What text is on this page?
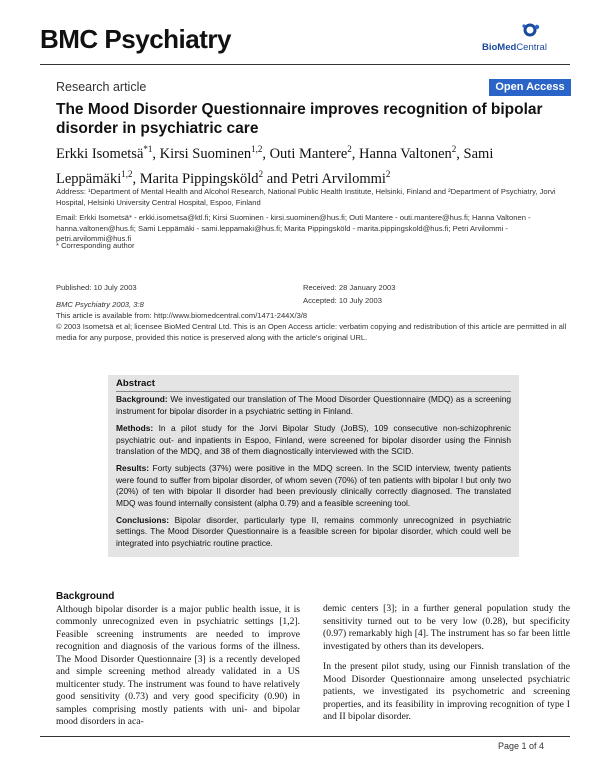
BMC Psychiatry	BioMedCentral
Research article	Open Access
The Mood Disorder Questionnaire improves recognition of bipolar disorder in psychiatric care
Erkki Isometsä$^{*1}$, Kirsi Suominen$^{1,2}$, Outi Mantere$^2$, Hanna Valtonen$^2$, Sami Leppämäki$^{1,2}$, Marita Pippingsköld$^2$ and Petri Arvilommi$^2$
Address: ¹Department of Mental Health and Alcohol Research, National Public Health Institute, Helsinki, Finland and ²Department of Psychiatry, Jorvi Hospital, Helsinki University Central Hospital, Espoo, Finland
Email: Erkki Isometsä* - erkki.isometsa@ktl.fi; Kirsi Suominen - kirsi.suominen@hus.fi; Outi Mantere - outi.mantere@hus.fi; Hanna Valtonen - hanna.valtonen@hus.fi; Sami Leppämäki - sami.leppamaki@hus.fi; Marita Pippingsköld - marita.pippingskold@hus.fi; Petri Arvilommi - petri.arvilommi@hus.fi
* Corresponding author
Published: 10 July 2003
BMC Psychiatry 2003, 3:8
Received: 28 January 2003
Accepted: 10 July 2003
This article is available from: http://www.biomedcentral.com/1471-244X/3/8
© 2003 Isometsä et al; licensee BioMed Central Ltd. This is an Open Access article: verbatim copying and redistribution of this article are permitted in all media for any purpose, provided this notice is preserved along with the article's original URL.
Abstract

Background: We investigated our translation of The Mood Disorder Questionnaire (MDQ) as a screening instrument for bipolar disorder in a psychiatric setting in Finland.

Methods: In a pilot study for the Jorvi Bipolar Study (JoBS), 109 consecutive non-schizophrenic psychiatric out- and inpatients in Espoo, Finland, were screened for bipolar disorder using the Finnish translation of the MDQ, and 38 of them diagnostically interviewed with the SCID.

Results: Forty subjects (37%) were positive in the MDQ screen. In the SCID interview, twenty patients were found to suffer from bipolar disorder, of whom seven (70%) of ten patients with bipolar I but only two (20%) of ten with bipolar II disorder had been previously clinically correctly diagnosed. The translated MDQ was found internally consistent (alpha 0.79) and a feasible screening tool.

Conclusions: Bipolar disorder, particularly type II, remains commonly unrecognized in psychiatric settings. The Mood Disorder Questionnaire is a feasible screen for bipolar disorder, which could well be integrated into psychiatric routine practice.

Background

Although bipolar disorder is a major public health issue, it is commonly unrecognized even in psychiatric settings [1,2]. Feasible screening instruments are needed to improve recognition and diagnosis of the various forms of the illness. The Mood Disorder Questionnaire [3] is a recently developed and simple screening method already validated in a US multicenter study. The instrument was found to have relatively good sensitivity (0.73) and very good specificity (0.90) in samples comprising mostly patients with uni- and bipolar mood disorders in aca-

demic centers [3]; in a further general population study the sensitivity turned out to be very low (0.28), but specificity (0.97) remarkably high [4]. The instrument has so far been little investigated by others than its developers.

In the present pilot study, using our Finnish translation of the Mood Disorder Questionnaire among unselected psychiatric patients, we investigated its psychometric and screening properties, and its feasibility in improving recognition of type I and II bipolar disorder.

Page 1 of 4
